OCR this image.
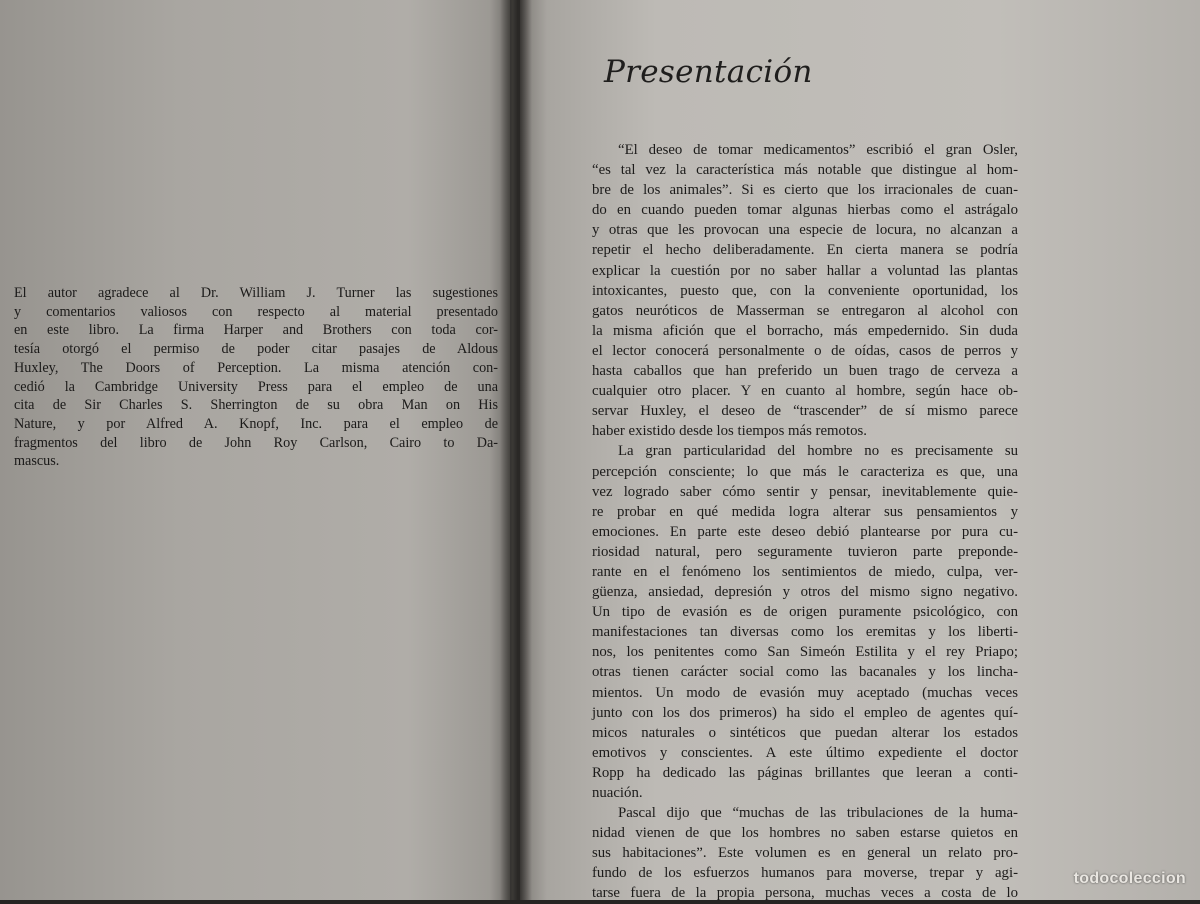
El autor agradece al Dr. William J. Turner las sugestiones
y comentarios valiosos con respecto al material presentado
en este libro. La firma Harper and Brothers con toda cor-
tesía otorgó el permiso de poder citar pasajes de Aldous
Huxley, The Doors of Perception. La misma atención con-
cedió la Cambridge University Press para el empleo de una
cita de Sir Charles S. Sherrington de su obra Man on His
Nature, y por Alfred A. Knopf, Inc. para el empleo de
fragmentos del libro de John Roy Carlson, Cairo to Da-
mascus.
Presentación
“El deseo de tomar medicamentos” escribió el gran Osler,
“es tal vez la característica más notable que distingue al hom-
bre de los animales”. Si es cierto que los irracionales de cuan-
do en cuando pueden tomar algunas hierbas como el astrágalo
y otras que les provocan una especie de locura, no alcanzan a
repetir el hecho deliberadamente. En cierta manera se podría
explicar la cuestión por no saber hallar a voluntad las plantas
intoxicantes, puesto que, con la conveniente oportunidad, los
gatos neuróticos de Masserman se entregaron al alcohol con
la misma afición que el borracho, más empedernido. Sin duda
el lector conocerá personalmente o de oídas, casos de perros y
hasta caballos que han preferido un buen trago de cerveza a
cualquier otro placer. Y en cuanto al hombre, según hace ob-
servar Huxley, el deseo de “trascender” de sí mismo parece
haber existido desde los tiempos más remotos.
La gran particularidad del hombre no es precisamente su
percepción consciente; lo que más le caracteriza es que, una
vez logrado saber cómo sentir y pensar, inevitablemente quie-
re probar en qué medida logra alterar sus pensamientos y
emociones. En parte este deseo debió plantearse por pura cu-
riosidad natural, pero seguramente tuvieron parte prepondе-
rante en el fenómeno los sentimientos de miedo, culpa, ver-
güenza, ansiedad, depresión y otros del mismo signo negativo.
Un tipo de evasión es de origen puramente psicológico, con
manifestaciones tan diversas como los eremitas y los liberti-
nos, los penitentes como San Simeón Estilita y el rey Priapo;
otras tienen carácter social como las bacanales y los lincha-
mientos. Un modo de evasión muy aceptado (muchas veces
junto con los dos primeros) ha sido el empleo de agentes quí-
micos naturales o sintéticos que puedan alterar los estados
emotivos y conscientes. A este último expediente el doctor
Ropp ha dedicado las páginas brillantes que leeran a conti-
nuación.
Pascal dijo que “muchas de las tribulaciones de la huma-
nidad vienen de que los hombres no saben estarse quietos en
sus habitaciones”. Este volumen es en general un relato pro-
fundo de los esfuerzos humanos para moverse, trepar y agi-
tarse fuera de la propia persona, muchas veces a costa de lo
todocoleccion
